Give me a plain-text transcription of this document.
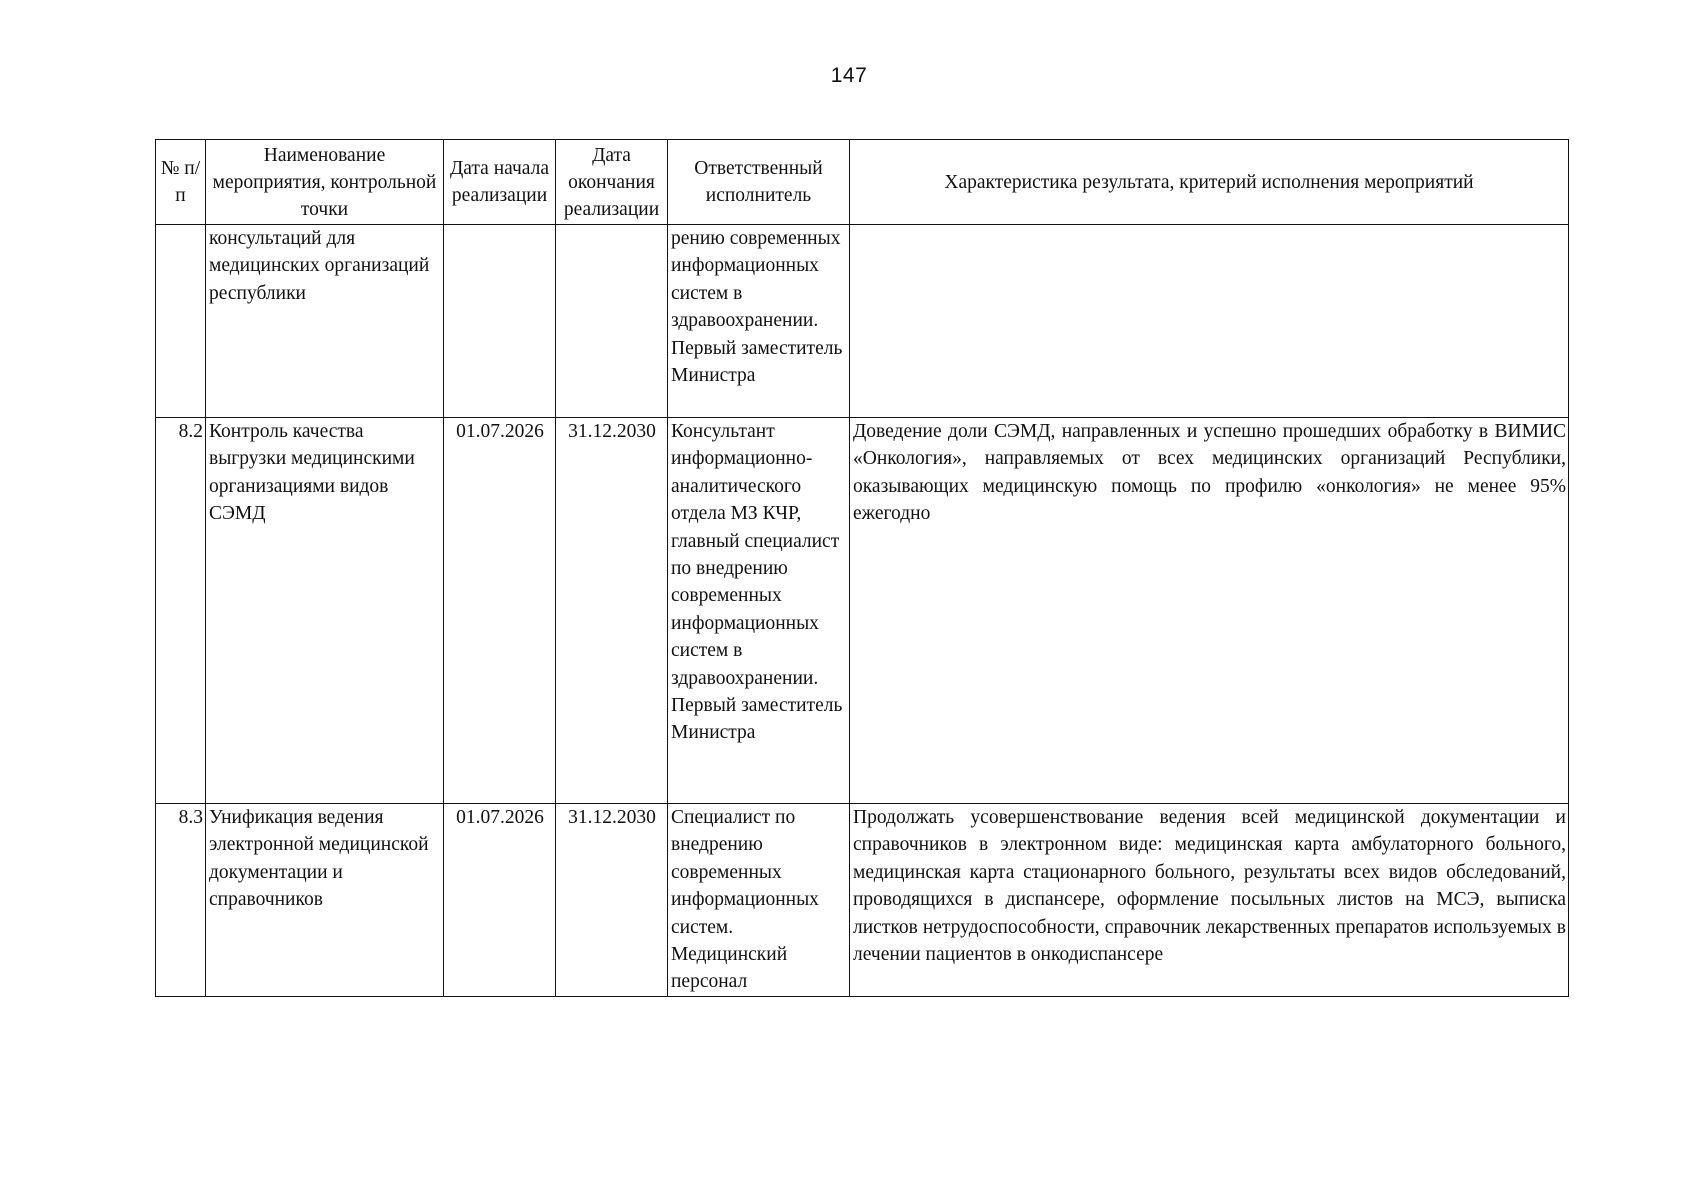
147
№ п/п	Наименование мероприятия, контрольной точки	Дата начала реализации	Дата окончания реализации	Ответственный исполнитель	Характеристика результата, критерий исполнения мероприятий
	консультаций для медицинских организаций республики			рению современных информационных систем в здравоохранении. Первый заместитель Министра	
8.2	Контроль качества выгрузки медицинскими организациями видов СЭМД	01.07.2026	31.12.2030	Консультант информационно-аналитического отдела МЗ КЧР, главный специалист по внедрению современных информационных систем в здравоохранении. Первый заместитель Министра	Доведение доли СЭМД, направленных и успешно прошедших обработку в ВИМИС «Онкология», направляемых от всех медицинских организаций Республики, оказывающих медицинскую помощь по профилю «онкология» не менее 95% ежегодно
8.3	Унификация ведения электронной медицинской документации и справочников	01.07.2026	31.12.2030	Специалист по внедрению современных информационных систем. Медицинский персонал	Продолжать усовершенствование ведения всей медицинской документации и справочников в электронном виде: медицинская карта амбулаторного больного, медицинская карта стационарного больного, результаты всех видов обследований, проводящихся в диспансере, оформление посыльных листов на МСЭ, выписка листков нетрудоспособности, справочник лекарственных препаратов используемых в лечении пациентов в онкодиспансере
